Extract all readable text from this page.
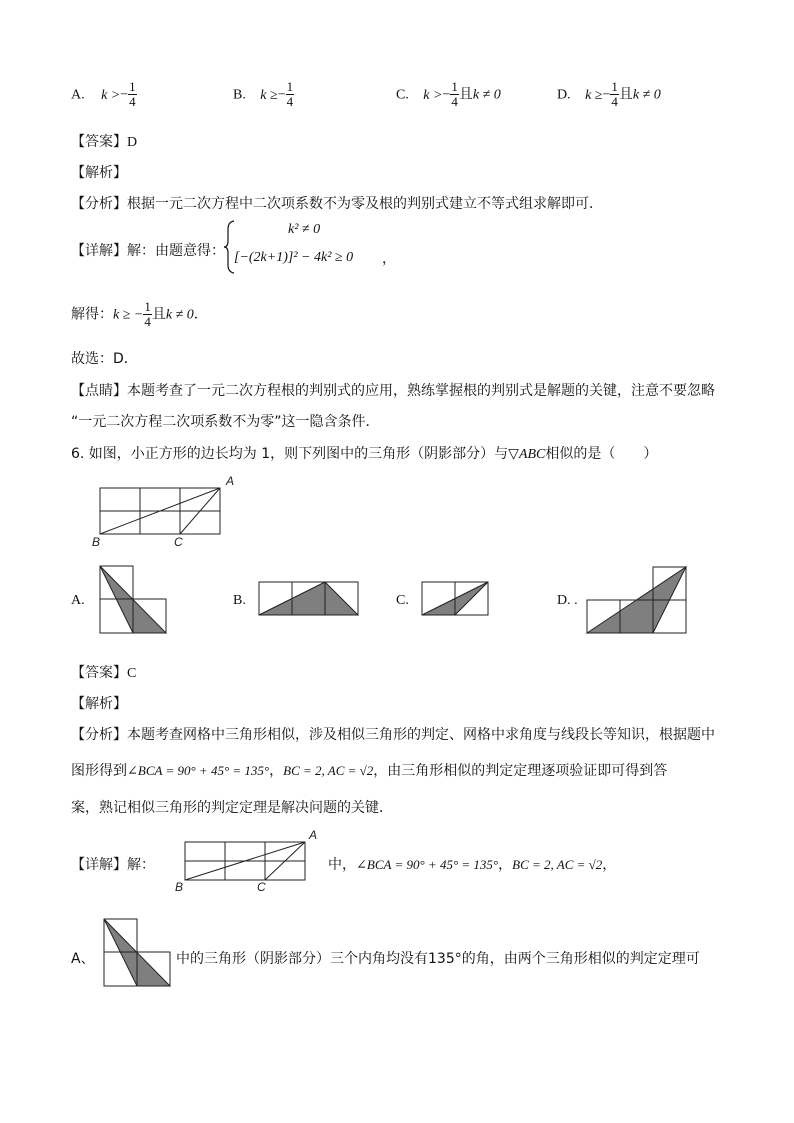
A. $k >- \frac{1}{4}$	B. $k \ge- \frac{1}{4}$	C. $k >- \frac{1}{4}$ 且k ≠ 0	D. $k \ge- \frac{1}{4}$ 且k ≠ 0
【答案】D
【解析】
【分析】根据一元二次方程中二次项系数不为零及根的判别式建立不等式组求解即可．
【详解】解：由题意得：
k² ≠ 0
[−(2k+1)]² − 4k² ≥ 0 ，
解得：k ≥ − $\frac{1}{4}$ 且k ≠ 0．
故选：D．
【点睛】本题考查了一元二次方程根的判别式的应用，熟练掌握根的判别式是解题的关键，注意不要忽略
“一元二次方程二次项系数不为零”这一隐含条件．
6. 如图，小正方形的边长均为 1，则下列图中的三角形（阴影部分）与▽ABC相似的是（　　）
A
B	C
A.	B.	C.	D. .
【答案】C
【解析】
【分析】本题考查网格中三角形相似，涉及相似三角形的判定、网格中求角度与线段长等知识，根据题中
图形得到∠BCA = 90° + 45° = 135°，BC = 2, AC = √2，由三角形相似的判定定理逐项验证即可得到答
案，熟记相似三角形的判定定理是解决问题的关键．
【详解】解：
A
B	C
中，∠BCA = 90° + 45° = 135°，BC = 2, AC = √2，
A、	中的三角形（阴影部分）三个内角均没有135°的角，由两个三角形相似的判定定理可
